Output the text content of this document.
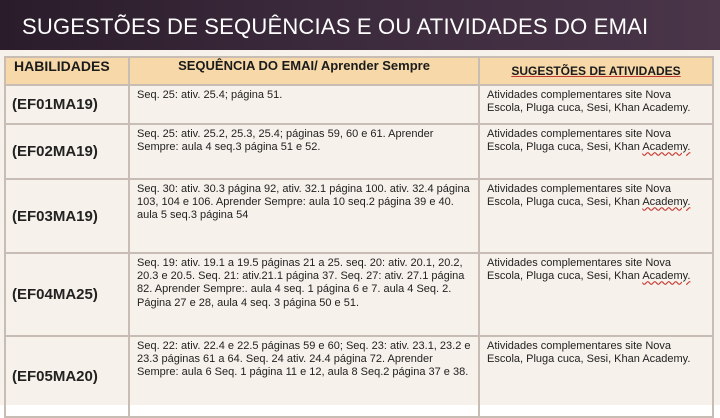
SUGESTÕES DE SEQUÊNCIAS E OU ATIVIDADES DO EMAI
HABILIDADES	SEQUÊNCIA DO EMAI/ Aprender Sempre	SUGESTÕES DE ATIVIDADES

(EF01MA19)	Seq. 25: ativ. 25.4; página 51.	Atividades complementares site Nova Escola, Pluga cuca, Sesi, Khan Academy.
(EF02MA19)	Seq. 25: ativ. 25.2, 25.3, 25.4; páginas 59, 60 e 61. Aprender Sempre: aula 4 seq.3 página 51 e 52.	Atividades complementares site Nova Escola, Pluga cuca, Sesi, Khan Academy.
(EF03MA19)	Seq. 30: ativ. 30.3 página 92, ativ. 32.1 página 100. ativ. 32.4 página 103, 104 e 106. Aprender Sempre: aula 10 seq.2 página 39 e 40. aula 5 seq.3 página 54	Atividades complementares site Nova Escola, Pluga cuca, Sesi, Khan Academy.
(EF04MA25)	Seq. 19: ativ. 19.1 a 19.5 páginas 21 a 25. seq. 20: ativ. 20.1, 20.2, 20.3 e 20.5. Seq. 21: ativ.21.1 página 37. Seq. 27: ativ. 27.1 página 82. Aprender Sempre:. aula 4 seq. 1 página 6 e 7. aula 4 Seq. 2. Página 27 e 28, aula 4 seq. 3 página 50 e 51.	Atividades complementares site Nova Escola, Pluga cuca, Sesi, Khan Academy.
(EF05MA20)	Seq. 22: ativ. 22.4 e 22.5 páginas 59 e 60; Seq. 23: ativ. 23.1, 23.2 e 23.3 páginas 61 a 64. Seq. 24 ativ. 24.4 página 72. Aprender Sempre: aula 6 Seq. 1 página 11 e 12, aula 8 Seq.2 página 37 e 38.	Atividades complementares site Nova Escola, Pluga cuca, Sesi, Khan Academy.
